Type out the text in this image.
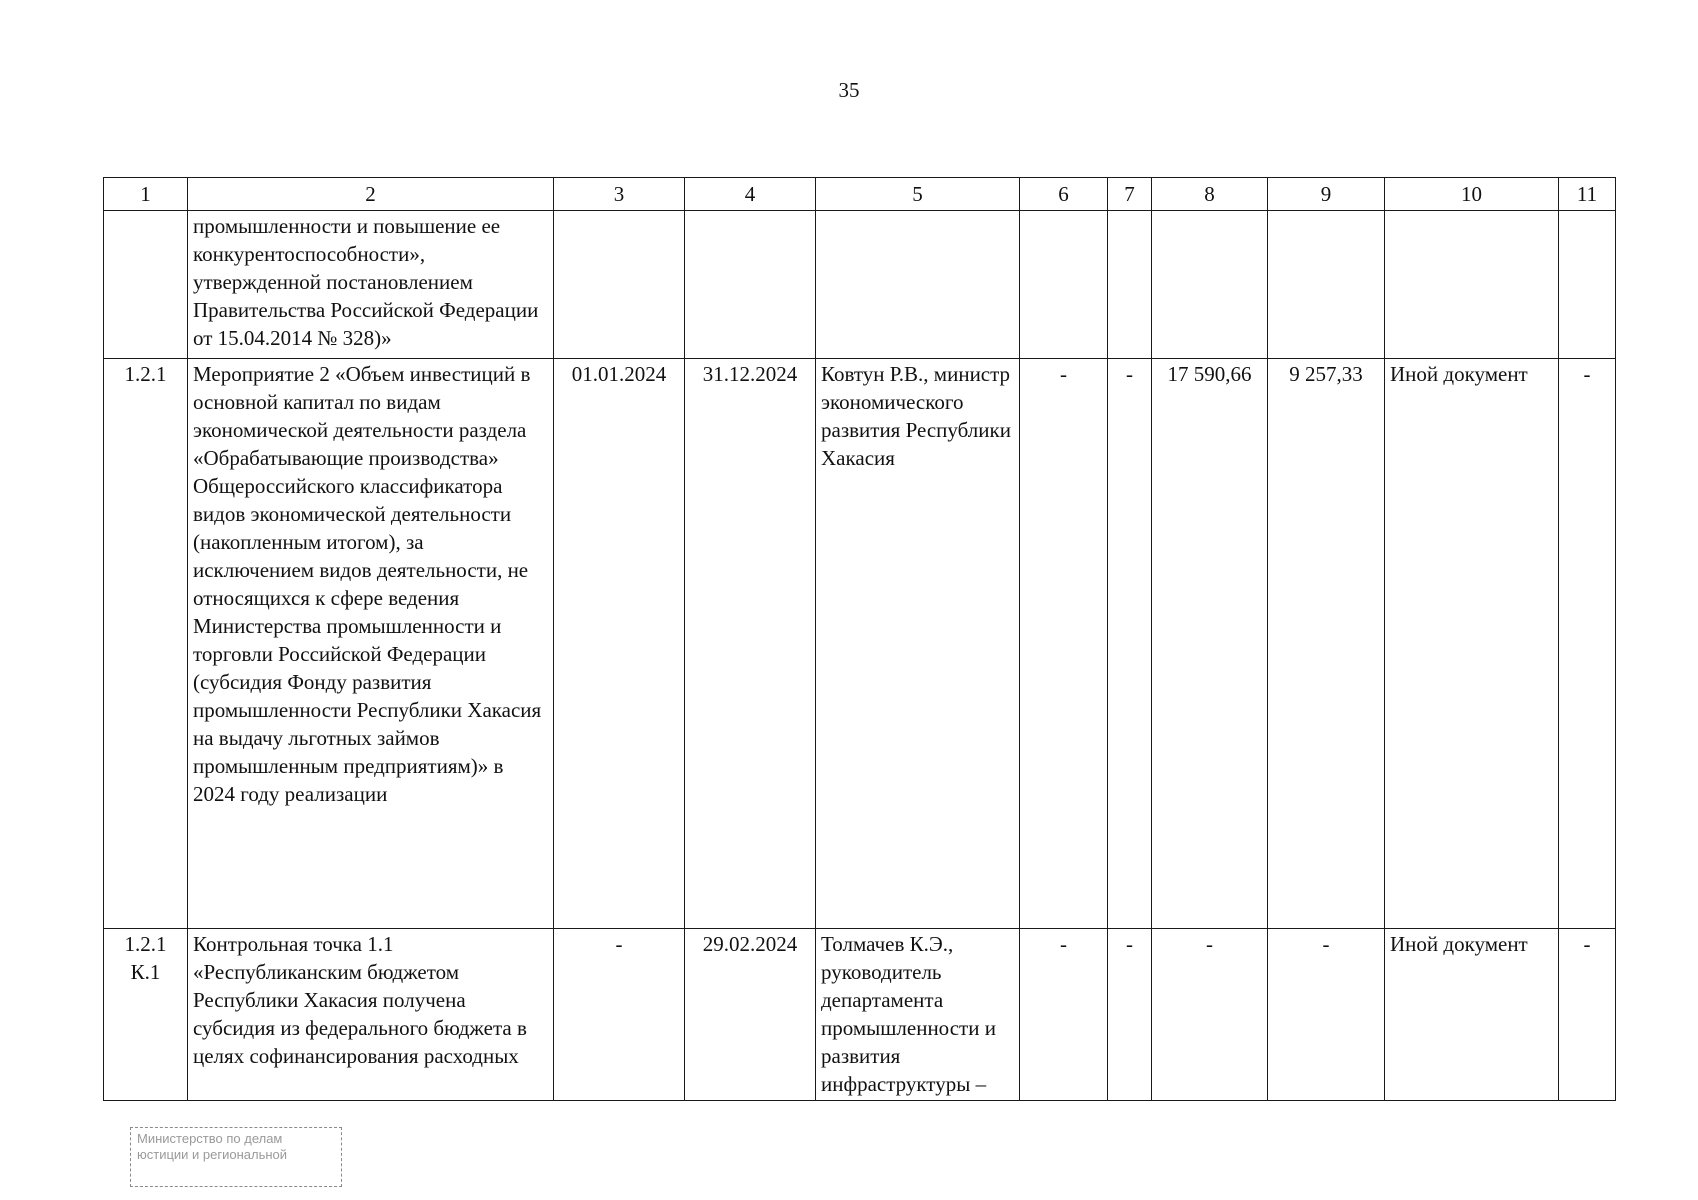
35
1	2	3	4	5	6	7	8	9	10	11
	промышленности и повышение ее конкурентоспособности», утвержденной постановлением Правительства Российской Федерации от 15.04.2014 № 328)»									
1.2.1	Мероприятие 2 «Объем инвестиций в основной капитал по видам экономической деятельности раздела «Обрабатывающие производства» Общероссийского классификатора видов экономической деятельности (накопленным итогом), за исключением видов деятельности, не относящихся к сфере ведения Министерства промышленности и торговли Российской Федерации (субсидия Фонду развития промышленности Республики Хакасия на выдачу льготных займов промышленным предприятиям)» в 2024 году реализации	01.01.2024	31.12.2024	Ковтун Р.В., министр экономического развития Республики Хакасия	-	-	17 590,66	9 257,33	Иной документ	-
1.2.1 К.1	Контрольная точка 1.1 «Республиканским бюджетом Республики Хакасия получена субсидия из федерального бюджета в целях софинансирования расходных	-	29.02.2024	Толмачев К.Э., руководитель департамента промышленности и развития инфраструктуры –	-	-	-	-	Иной документ	-
Министерство по делам
юстиции и региональной
